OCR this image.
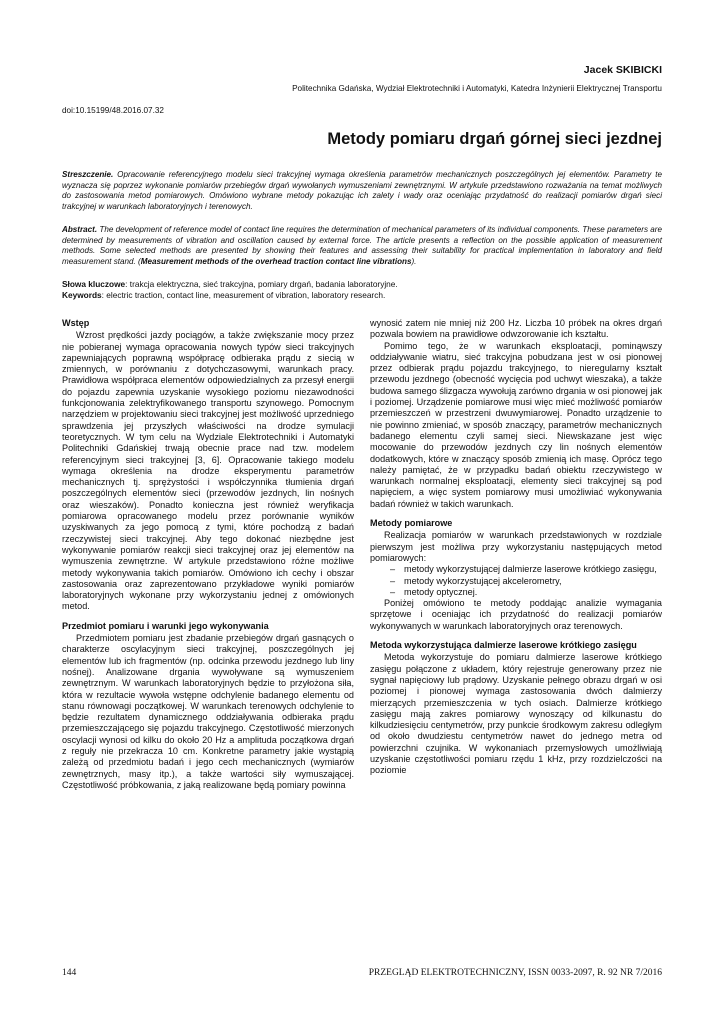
Jacek SKIBICKI
Politechnika Gdańska, Wydział Elektrotechniki i Automatyki, Katedra Inżynierii Elektrycznej Transportu
doi:10.15199/48.2016.07.32
Metody pomiaru drgań górnej sieci jezdnej

Streszczenie. Opracowanie referencyjnego modelu sieci trakcyjnej wymaga określenia parametrów mechanicznych poszczególnych jej elementów. Parametry te wyznacza się poprzez wykonanie pomiarów przebiegów drgań wywołanych wymuszeniami zewnętrznymi. W artykule przedstawiono rozważania na temat możliwych do zastosowania metod pomiarowych. Omówiono wybrane metody pokazując ich zalety i wady oraz oceniając przydatność do realizacji pomiarów drgań sieci trakcyjnej w warunkach laboratoryjnych i terenowych.

Abstract. The development of reference model of contact line requires the determination of mechanical parameters of its individual components. These parameters are determined by measurements of vibration and oscillation caused by external force. The article presents a reflection on the possible application of measurement methods. Some selected methods are presented by showing their features and assessing their suitability for practical implementation in laboratory and field measurement stand. (Measurement methods of the overhead traction contact line vibrations).

Słowa kluczowe: trakcja elektryczna, sieć trakcyjna, pomiary drgań, badania laboratoryjne.

Keywords: electric traction, contact line, measurement of vibration, laboratory research.

Wstęp

Wzrost prędkości jazdy pociągów, a także zwiększanie mocy przez nie pobieranej wymaga opracowania nowych typów sieci trakcyjnych zapewniających poprawną współpracę odbieraka prądu z siecią w zmiennych, w porównaniu z dotychczasowymi, warunkach pracy. Prawidłowa współpraca elementów odpowiedzialnych za przesył energii do pojazdu zapewnia uzyskanie wysokiego poziomu niezawodności funkcjonowania zelektryfikowanego transportu szynowego. Pomocnym narzędziem w projektowaniu sieci trakcyjnej jest możliwość uprzedniego sprawdzenia jej przyszłych właściwości na drodze symulacji teoretycznych. W tym celu na Wydziale Elektrotechniki i Automatyki Politechniki Gdańskiej trwają obecnie prace nad tzw. modelem referencyjnym sieci trakcyjnej [3, 6]. Opracowanie takiego modelu wymaga określenia na drodze eksperymentu parametrów mechanicznych tj. sprężystości i współczynnika tłumienia drgań poszczególnych elementów sieci (przewodów jezdnych, lin nośnych oraz wieszaków). Ponadto konieczna jest również weryfikacja pomiarowa opracowanego modelu przez porównanie wyników uzyskiwanych za jego pomocą z tymi, które pochodzą z badań rzeczywistej sieci trakcyjnej. Aby tego dokonać niezbędne jest wykonywanie pomiarów reakcji sieci trakcyjnej oraz jej elementów na wymuszenia zewnętrzne. W artykule przedstawiono różne możliwe metody wykonywania takich pomiarów. Omówiono ich cechy i obszar zastosowania oraz zaprezentowano przykładowe wyniki pomiarów laboratoryjnych wykonane przy wykorzystaniu jednej z omówionych metod.

Przedmiot pomiaru i warunki jego wykonywania

Przedmiotem pomiaru jest zbadanie przebiegów drgań gasnących o charakterze oscylacyjnym sieci trakcyjnej, poszczególnych jej elementów lub ich fragmentów (np. odcinka przewodu jezdnego lub liny nośnej). Analizowane drgania wywoływane są wymuszeniem zewnętrznym. W warunkach laboratoryjnych będzie to przyłożona siła, która w rezultacie wywoła wstępne odchylenie badanego elementu od stanu równowagi początkowej. W warunkach terenowych odchylenie to będzie rezultatem dynamicznego oddziaływania odbieraka prądu przemieszczającego się pojazdu trakcyjnego. Częstotliwość mierzonych oscylacji wynosi od kilku do około 20 Hz a amplituda początkowa drgań z reguły nie przekracza 10 cm. Konkretne parametry jakie wystąpią zależą od przedmiotu badań i jego cech mechanicznych (wymiarów zewnętrznych, masy itp.), a także wartości siły wymuszającej. Częstotliwość próbkowania, z jaką realizowane będą pomiary powinna

wynosić zatem nie mniej niż 200 Hz. Liczba 10 próbek na okres drgań pozwala bowiem na prawidłowe odwzorowanie ich kształtu.

Pomimo tego, że w warunkach eksploatacji, pominąwszy oddziaływanie wiatru, sieć trakcyjna pobudzana jest w osi pionowej przez odbierak prądu pojazdu trakcyjnego, to nieregularny kształt przewodu jezdnego (obecność wycięcia pod uchwyt wieszaka), a także budowa samego ślizgacza wywołują zarówno drgania w osi pionowej jak i poziomej. Urządzenie pomiarowe musi więc mieć możliwość pomiarów przemieszczeń w przestrzeni dwuwymiarowej. Ponadto urządzenie to nie powinno zmieniać, w sposób znaczący, parametrów mechanicznych badanego elementu czyli samej sieci. Niewskazane jest więc mocowanie do przewodów jezdnych czy lin nośnych elementów dodatkowych, które w znaczący sposób zmienią ich masę. Oprócz tego należy pamiętać, że w przypadku badań obiektu rzeczywistego w warunkach normalnej eksploatacji, elementy sieci trakcyjnej są pod napięciem, a więc system pomiarowy musi umożliwiać wykonywania badań również w takich warunkach.

Metody pomiarowe

Realizacja pomiarów w warunkach przedstawionych w rozdziale pierwszym jest możliwa przy wykorzystaniu następujących metod pomiarowych:

– metody wykorzystującej dalmierze laserowe krótkiego zasięgu,
– metody wykorzystującej akcelerometry,
– metody optycznej.

Poniżej omówiono te metody poddając analizie wymagania sprzętowe i oceniając ich przydatność do realizacji pomiarów wykonywanych w warunkach laboratoryjnych oraz terenowych.

Metoda wykorzystująca dalmierze laserowe krótkiego zasięgu

Metoda wykorzystuje do pomiaru dalmierze laserowe krótkiego zasięgu połączone z układem, który rejestruje generowany przez nie sygnał napięciowy lub prądowy. Uzyskanie pełnego obrazu drgań w osi poziomej i pionowej wymaga zastosowania dwóch dalmierzy mierzących przemieszczenia w tych osiach. Dalmierze krótkiego zasięgu mają zakres pomiarowy wynoszący od kilkunastu do kilkudziesięciu centymetrów, przy punkcie środkowym zakresu odległym od około dwudziestu centymetrów nawet do jednego metra od powierzchni czujnika. W wykonaniach przemysłowych umożliwiają uzyskanie częstotliwości pomiaru rzędu 1 kHz, przy rozdzielczości na poziomie

144	PRZEGLĄD ELEKTROTECHNICZNY, ISSN 0033-2097, R. 92 NR 7/2016
